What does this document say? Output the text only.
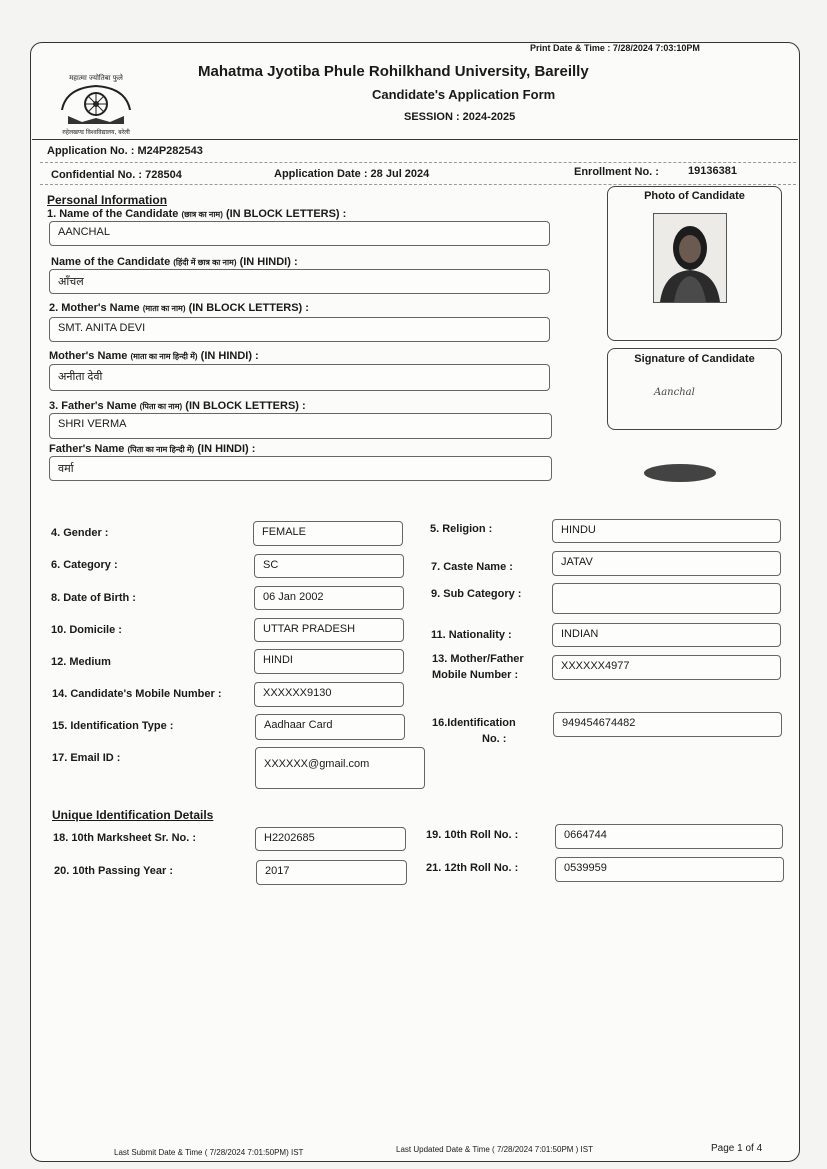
Print Date & Time : 7/28/2024 7:03:10PM
महात्मा ज्योतिबा फुले
रुहेलखण्ड विश्वविद्यालय, बरेली
Mahatma Jyotiba Phule Rohilkhand University, Bareilly
Candidate's Application Form
SESSION : 2024-2025
Application No. : M24P282543
Confidential No. : 728504	Application Date : 28 Jul 2024	Enrollment No. :	19136381
Personal Information
1. Name of the Candidate (छात्र का नाम) (IN BLOCK LETTERS) :
AANCHAL
Name of the Candidate (हिंदी में छात्र का नाम) (IN HINDI) :
आँचल
2. Mother's Name (माता का नाम) (IN BLOCK LETTERS) :
SMT. ANITA DEVI
Mother's Name (माता का नाम हिन्दी में) (IN HINDI) :
अनीता देवी
3. Father's Name (पिता का नाम) (IN BLOCK LETTERS) :
SHRI VERMA
Father's Name (पिता का नाम हिन्दी में) (IN HINDI) :
वर्मा
Photo of Candidate
Signature of Candidate
Aanchal
4. Gender :	FEMALE	5. Religion :	HINDU
6. Category :	SC	7. Caste Name :	JATAV
8. Date of Birth :	06 Jan 2002	9. Sub Category :
10. Domicile :	UTTAR PRADESH	11. Nationality :	INDIAN
12. Medium	HINDI	13. Mother/Father
Mobile Number :
XXXXXX4977
14. Candidate's Mobile Number :	XXXXXX9130
15. Identification Type :	Aadhaar Card	16.Identification
No. :
949454674482
17. Email ID :	XXXXXX@gmail.com
Unique Identification Details
18. 10th Marksheet Sr. No. :	H2202685	19. 10th Roll No. :	0664744
20. 10th Passing Year :	2017	21. 12th Roll No. :	0539959
Last Submit Date & Time ( 7/28/2024 7:01:50PM) IST	Last Updated Date & Time ( 7/28/2024 7:01:50PM ) IST	Page 1 of 4
